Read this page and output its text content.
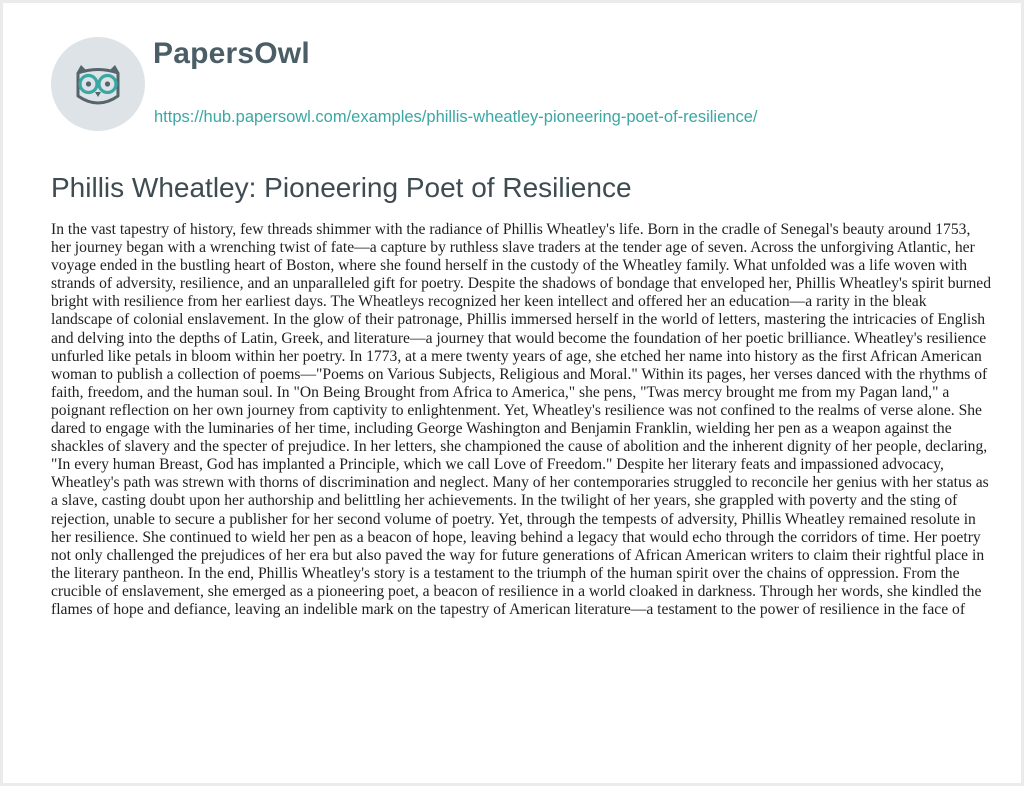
PapersOwl
https://hub.papersowl.com/examples/phillis-wheatley-pioneering-poet-of-resilience/
Phillis Wheatley: Pioneering Poet of Resilience

In the vast tapestry of history, few threads shimmer with the radiance of Phillis Wheatley's life. Born in the cradle of Senegal's beauty around 1753, her journey began with a wrenching twist of fate—a capture by ruthless slave traders at the tender age of seven. Across the unforgiving Atlantic, her voyage ended in the bustling heart of Boston, where she found herself in the custody of the Wheatley family. What unfolded was a life woven with strands of adversity, resilience, and an unparalleled gift for poetry. Despite the shadows of bondage that enveloped her, Phillis Wheatley's spirit burned bright with resilience from her earliest days. The Wheatleys recognized her keen intellect and offered her an education—a rarity in the bleak landscape of colonial enslavement. In the glow of their patronage, Phillis immersed herself in the world of letters, mastering the intricacies of English and delving into the depths of Latin, Greek, and literature—a journey that would become the foundation of her poetic brilliance. Wheatley's resilience unfurled like petals in bloom within her poetry. In 1773, at a mere twenty years of age, she etched her name into history as the first African American woman to publish a collection of poems—"Poems on Various Subjects, Religious and Moral." Within its pages, her verses danced with the rhythms of faith, freedom, and the human soul. In "On Being Brought from Africa to America," she pens, "Twas mercy brought me from my Pagan land," a poignant reflection on her own journey from captivity to enlightenment. Yet, Wheatley's resilience was not confined to the realms of verse alone. She dared to engage with the luminaries of her time, including George Washington and Benjamin Franklin, wielding her pen as a weapon against the shackles of slavery and the specter of prejudice. In her letters, she championed the cause of abolition and the inherent dignity of her people, declaring, "In every human Breast, God has implanted a Principle, which we call Love of Freedom." Despite her literary feats and impassioned advocacy, Wheatley's path was strewn with thorns of discrimination and neglect. Many of her contemporaries struggled to reconcile her genius with her status as a slave, casting doubt upon her authorship and belittling her achievements. In the twilight of her years, she grappled with poverty and the sting of rejection, unable to secure a publisher for her second volume of poetry. Yet, through the tempests of adversity, Phillis Wheatley remained resolute in her resilience. She continued to wield her pen as a beacon of hope, leaving behind a legacy that would echo through the corridors of time. Her poetry not only challenged the prejudices of her era but also paved the way for future generations of African American writers to claim their rightful place in the literary pantheon. In the end, Phillis Wheatley's story is a testament to the triumph of the human spirit over the chains of oppression. From the crucible of enslavement, she emerged as a pioneering poet, a beacon of resilience in a world cloaked in darkness. Through her words, she kindled the flames of hope and defiance, leaving an indelible mark on the tapestry of American literature—a testament to the power of resilience in the face of
